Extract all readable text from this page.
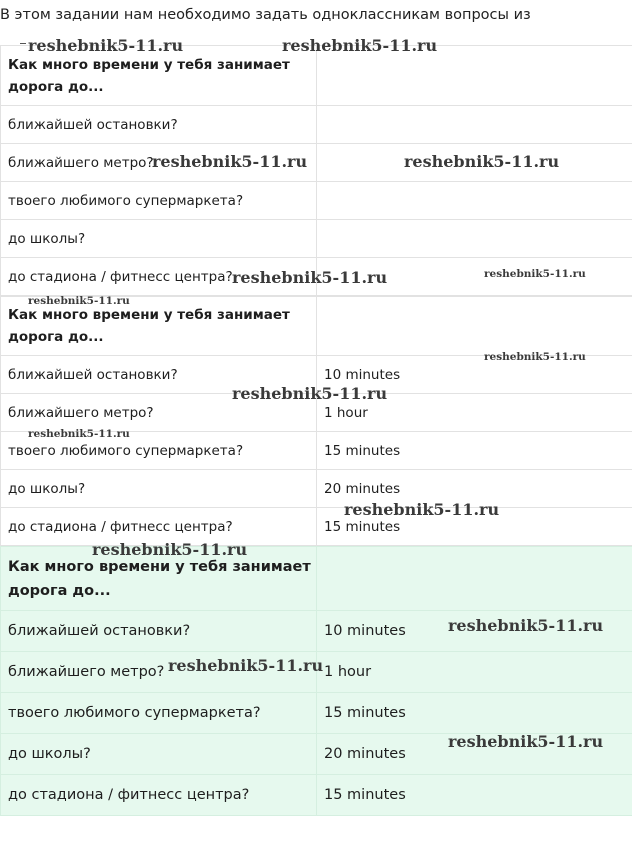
В этом задании нам необходимо задать одноклассникам вопросы из
Как много времени у тебя занимает дорога до...	
ближайшей остановки?	
ближайшего метро?	
твоего любимого супермаркета?	
до школы?	
до стадиона / фитнесс центра?	
Как много времени у тебя занимает дорога до...	
ближайшей остановки?	10 minutes
ближайшего метро?	1 hour
твоего любимого супермаркета?	15 minutes
до школы?	20 minutes
до стадиона / фитнесс центра?	15 minutes
Как много времени у тебя занимает дорога до...	
ближайшей остановки?	10 minutes
ближайшего метро?	1 hour
твоего любимого супермаркета?	15 minutes
до школы?	20 minutes
до стадиона / фитнесс центра?	15 minutes
reshebnik5-11.ru	reshebnik5-11.ru
reshebnik5-11.ru	reshebnik5-11.ru
reshebnik5-11.ru	reshebnik5-11.ru
reshebnik5-11.ru
reshebnik5-11.ru
reshebnik5-11.ru
reshebnik5-11.ru
reshebnik5-11.ru
reshebnik5-11.ru
reshebnik5-11.ru
reshebnik5-11.ru
reshebnik5-11.ru
